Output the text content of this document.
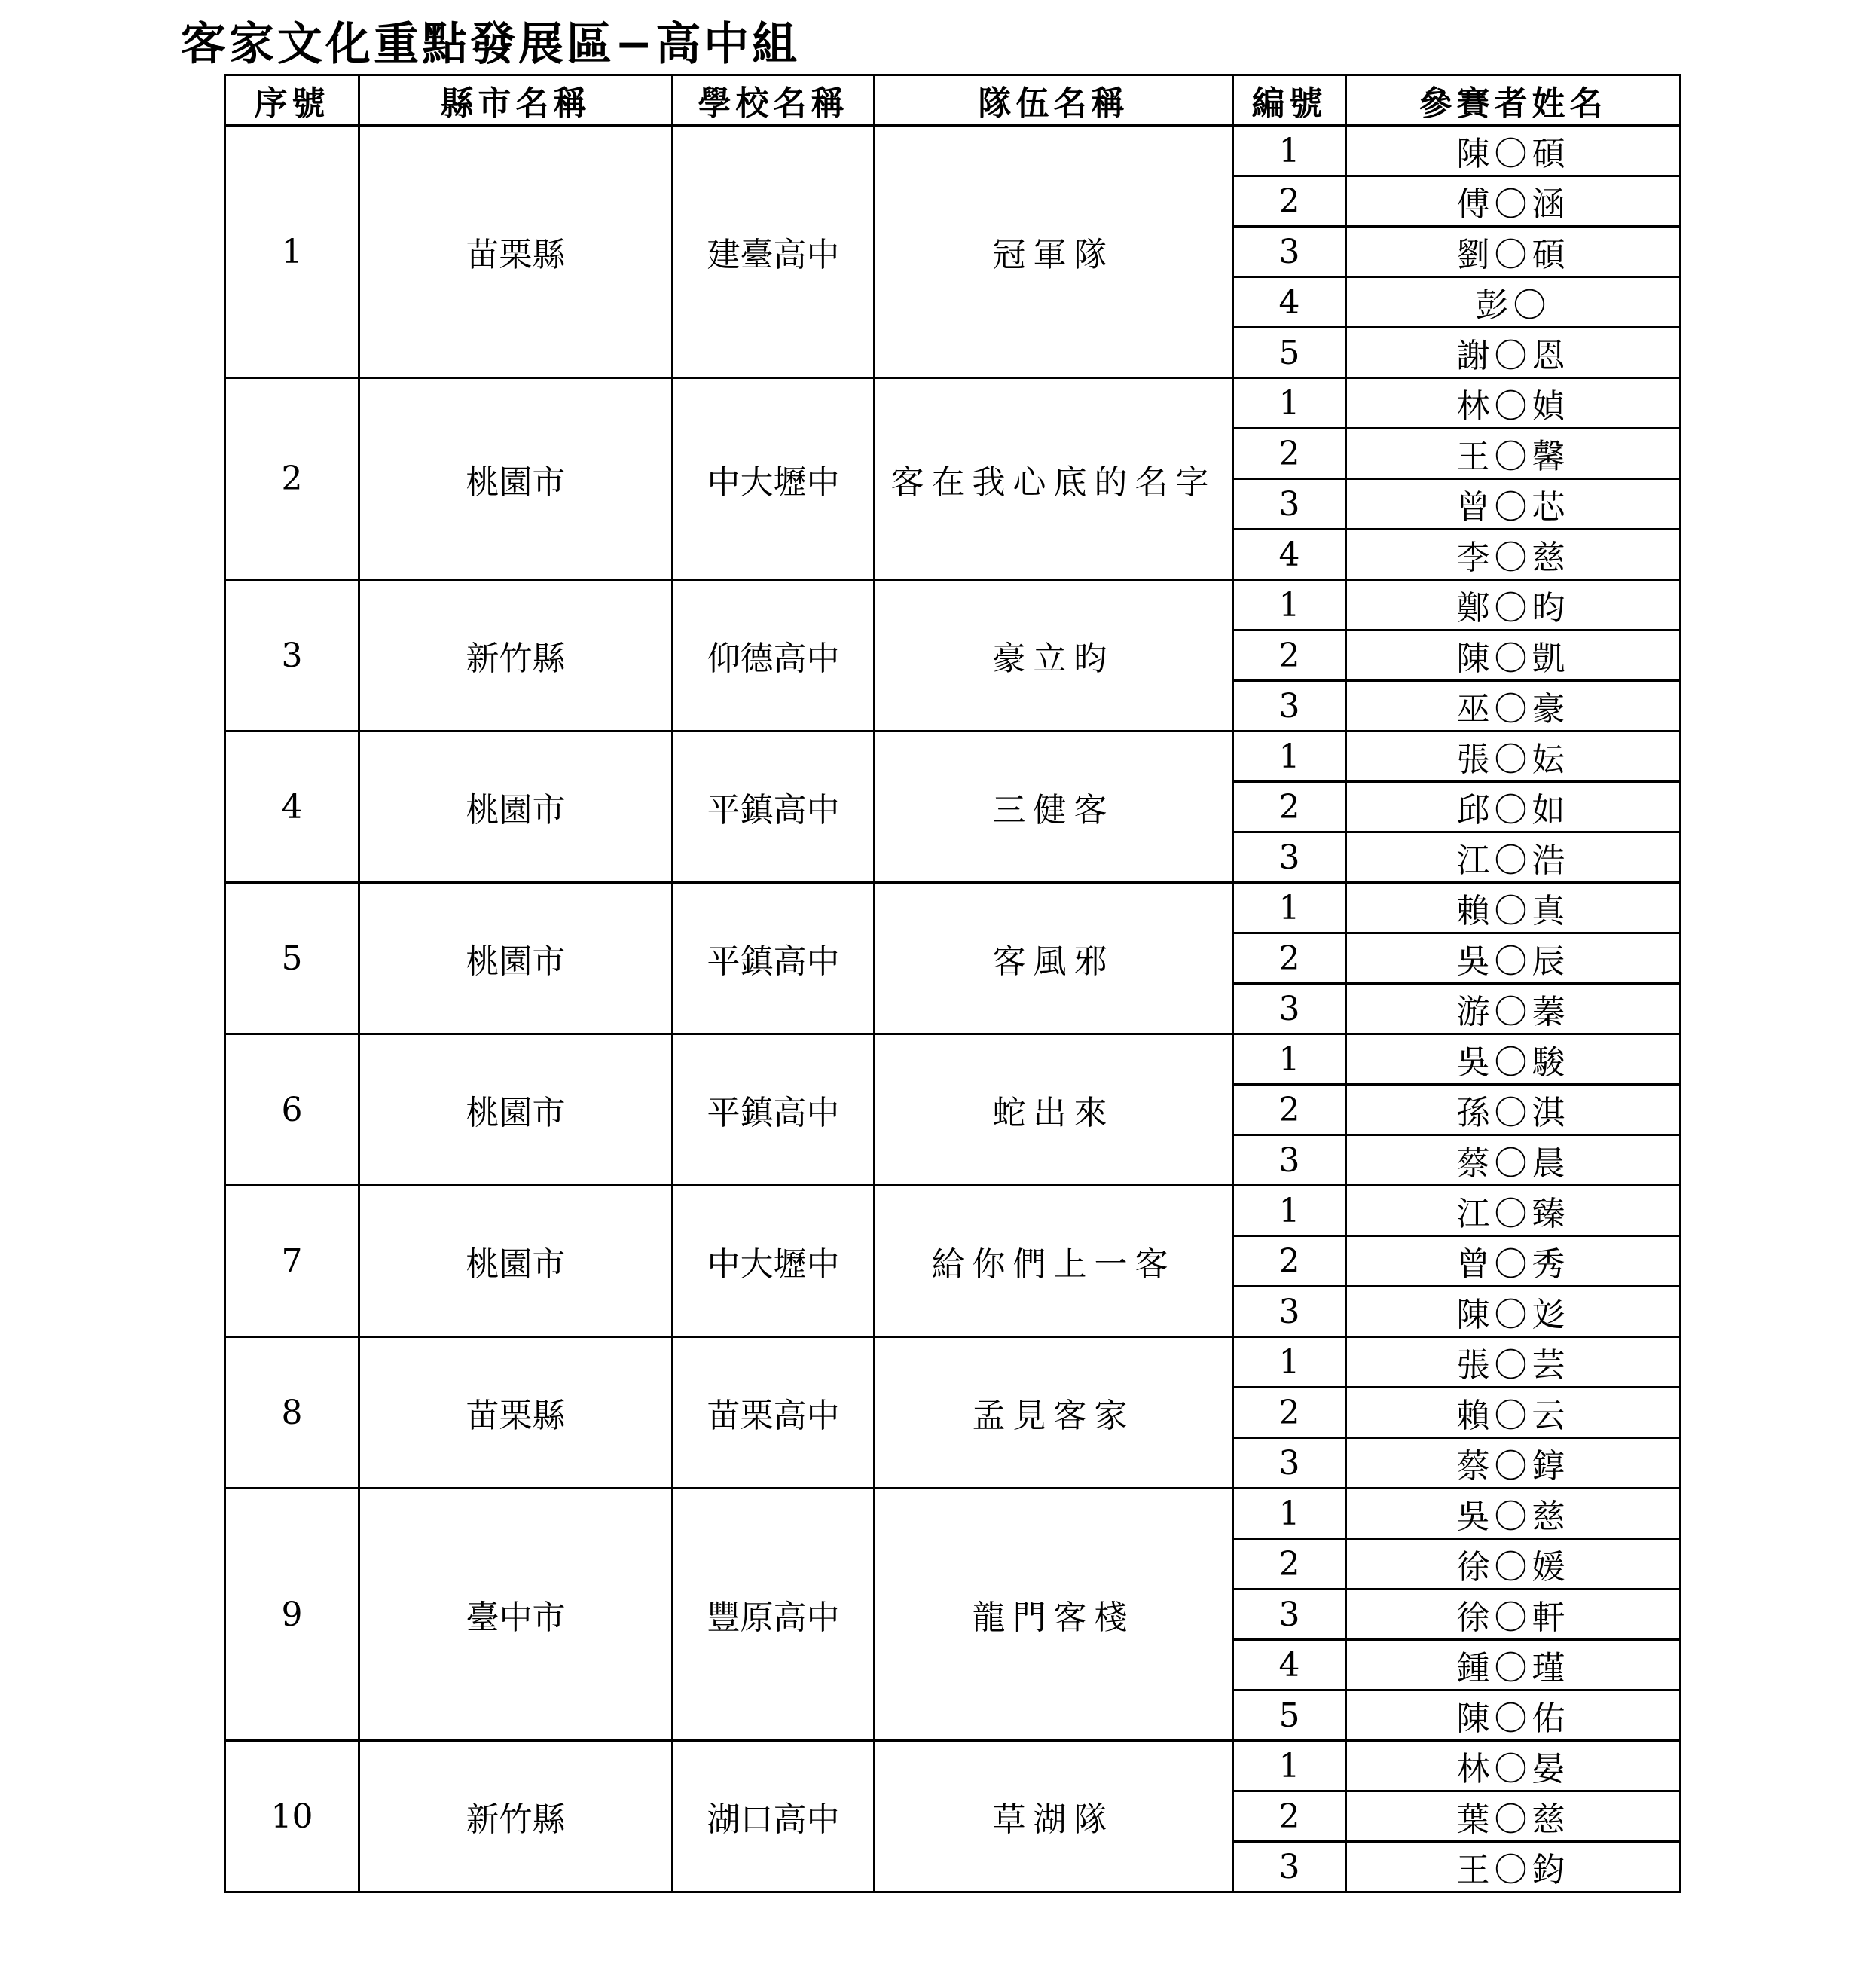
客家文化重點發展區−高中組
序號	縣市名稱	學校名稱	隊伍名稱	編號	參賽者姓名
1	苗栗縣	建臺高中	冠軍隊	1	陳〇碩
				2	傅〇涵
				3	劉〇碩
				4	彭〇
				5	謝〇恩
2	桃園市	中大壢中	客在我心底的名字	1	林〇媜
				2	王〇馨
				3	曾〇芯
				4	李〇慈
3	新竹縣	仰德高中	豪立昀	1	鄭〇昀
				2	陳〇凱
				3	巫〇豪
4	桃園市	平鎮高中	三健客	1	張〇妘
				2	邱〇如
				3	江〇浩
5	桃園市	平鎮高中	客風邪	1	賴〇真
				2	吳〇辰
				3	游〇蓁
6	桃園市	平鎮高中	蛇出來	1	吳〇駿
				2	孫〇淇
				3	蔡〇晨
7	桃園市	中大壢中	給你們上一客	1	江〇臻
				2	曾〇秀
				3	陳〇彣
8	苗栗縣	苗栗高中	孟見客家	1	張〇芸
				2	賴〇云
				3	蔡〇錞
9	臺中市	豐原高中	龍門客棧	1	吳〇慈
				2	徐〇媛
				3	徐〇軒
				4	鍾〇瑾
				5	陳〇佑
10	新竹縣	湖口高中	草湖隊	1	林〇晏
				2	葉〇慈
				3	王〇鈞
